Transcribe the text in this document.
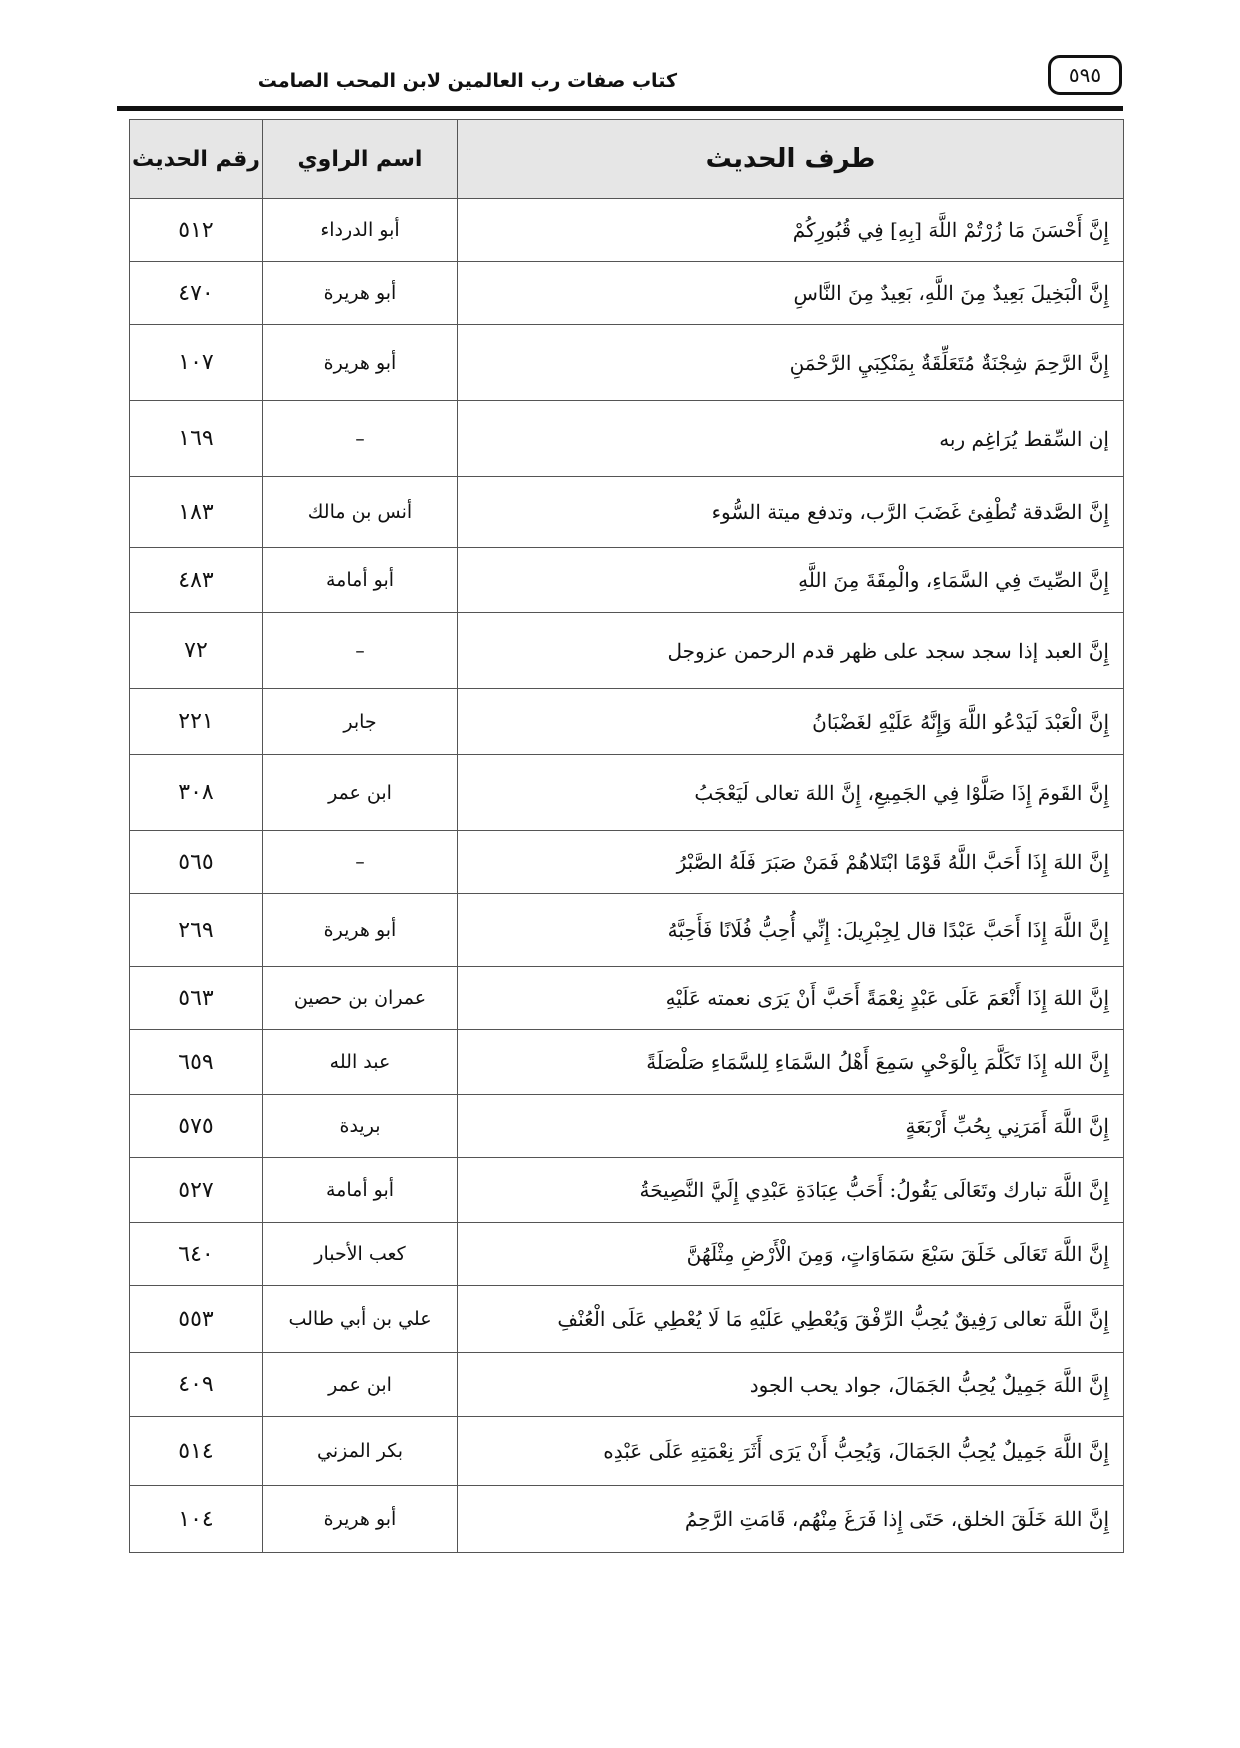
كتاب صفات رب العالمين لابن المحب الصامت	٥٩٥
طرف الحديث	اسم الراوي	رقم الحديث
إِنَّ أَحْسَنَ مَا زُرْتُمْ اللَّهَ [بِهِ] فِي قُبُورِكُمْ	أبو الدرداء	٥١٢
إِنَّ الْبَخِيلَ بَعِيدٌ مِنَ اللَّهِ، بَعِيدٌ مِنَ النَّاسِ	أبو هريرة	٤٧٠
إِنَّ الرَّحِمَ شِجْنَةٌ مُتَعَلِّقَةٌ بِمَنْكِبَيِ الرَّحْمَنِ	أبو هريرة	١٠٧
إن السِّقط يُرَاغِم ربه	–	١٦٩
إِنَّ الصَّدقة تُطْفِئ غَضَبَ الرَّب، وتدفع ميتة السُّوء	أنس بن مالك	١٨٣
إِنَّ الصِّيتَ فِي السَّمَاءِ، والْمِقَةَ مِنَ اللَّهِ	أبو أمامة	٤٨٣
إِنَّ العبد إذا سجد سجد على ظهر قدم الرحمن عزوجل	–	٧٢
إِنَّ الْعَبْدَ لَيَدْعُو اللَّهَ وَإِنَّهُ عَلَيْهِ لغَضْبَانُ	جابر	٢٢١
إِنَّ القَومَ إِذَا صَلَّوْا فِي الجَمِيعِ، إِنَّ اللهَ تعالى لَيَعْجَبُ	ابن عمر	٣٠٨
إِنَّ اللهَ إِذَا أَحَبَّ اللَّهُ قَوْمًا ابْتَلاهُمْ فَمَنْ صَبَرَ فَلَهُ الصَّبْرُ	–	٥٦٥
إِنَّ اللَّهَ إِذَا أَحَبَّ عَبْدًا قال لِجِبْرِيلَ: إِنِّي أُحِبُّ فُلَانًا فَأَحِبَّهُ	أبو هريرة	٢٦٩
إِنَّ اللهَ إِذَا أَنْعَمَ عَلَى عَبْدٍ نِعْمَةً أَحَبَّ أَنْ يَرَى نعمته عَلَيْهِ	عمران بن حصين	٥٦٣
إِنَّ الله إِذَا تَكَلَّمَ بِالْوَحْيِ سَمِعَ أَهْلُ السَّمَاءِ لِلسَّمَاءِ صَلْصَلَةً	عبد الله	٦٥٩
إِنَّ اللَّهَ أَمَرَنِي بِحُبِّ أَرْبَعَةٍ	بريدة	٥٧٥
إِنَّ اللَّهَ تبارك وتَعَالَى يَقُولُ: أَحَبُّ عِبَادَةِ عَبْدِي إِلَيَّ النَّصِيحَةُ	أبو أمامة	٥٢٧
إِنَّ اللَّهَ تَعَالَى خَلَقَ سَبْعَ سَمَاوَاتٍ، وَمِنَ الْأَرْضِ مِثْلَهُنَّ	كعب الأحبار	٦٤٠
إِنَّ اللَّهَ تعالى رَفِيقٌ يُحِبُّ الرِّفْقَ وَيُعْطِي عَلَيْهِ مَا لَا يُعْطِي عَلَى الْعُنْفِ	علي بن أبي طالب	٥٥٣
إِنَّ اللَّهَ جَمِيلٌ يُحِبُّ الجَمَالَ، جواد يحب الجود	ابن عمر	٤٠٩
إِنَّ اللَّهَ جَمِيلٌ يُحِبُّ الجَمَالَ، وَيُحِبُّ أَنْ يَرَى أَثَرَ نِعْمَتِهِ عَلَى عَبْدِه	بكر المزني	٥١٤
إِنَّ اللهَ خَلَقَ الخلق، حَتَى إِذا فَرَغَ مِنْهُم، قَامَتِ الرَّحِمُ	أبو هريرة	١٠٤
